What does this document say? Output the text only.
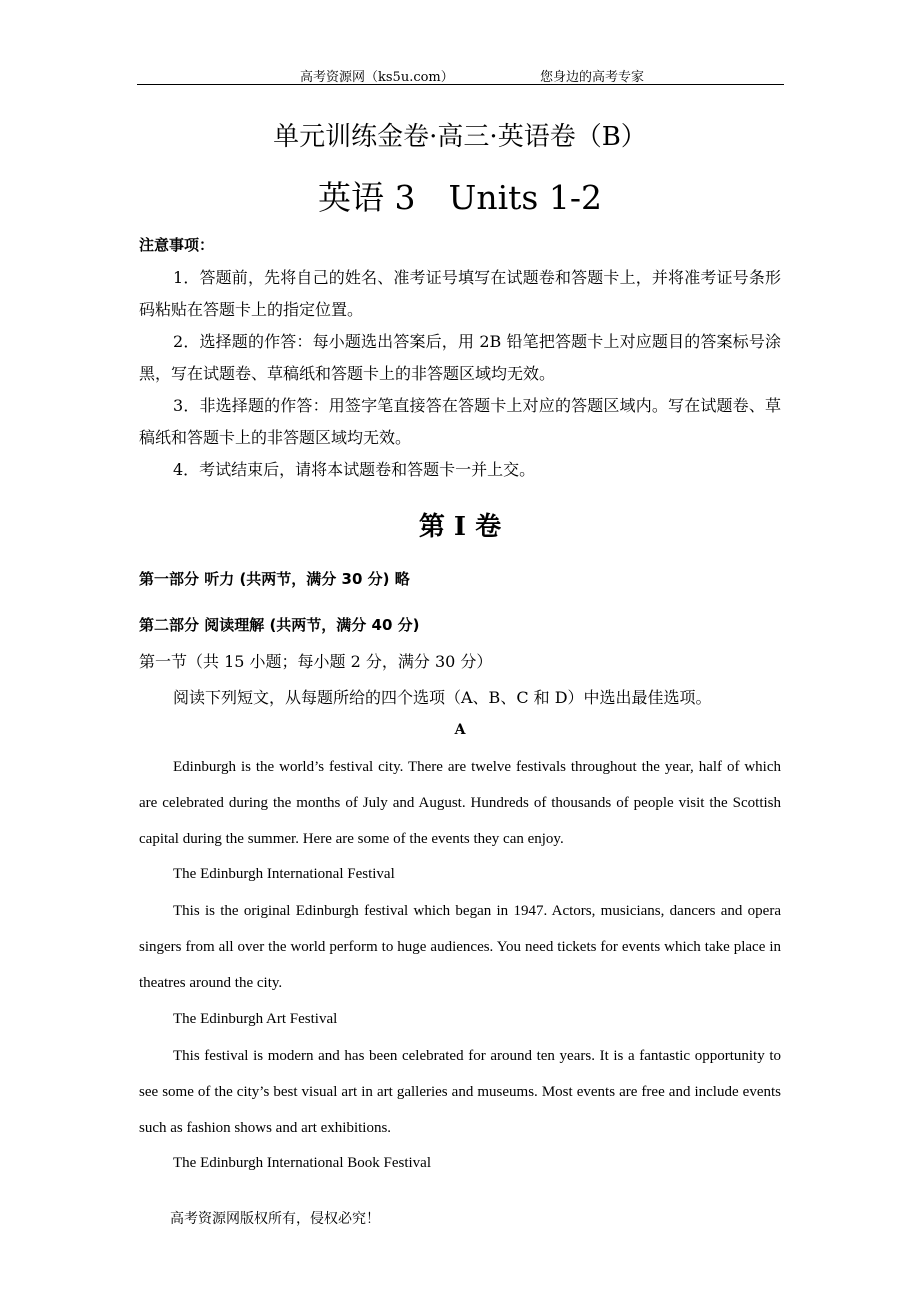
高考资源网（ks5u.com）	您身边的高考专家
单元训练金卷·高三·英语卷（B）
英语 3　Units 1-2
注意事项：

1．答题前，先将自己的姓名、准考证号填写在试题卷和答题卡上，并将准考证号条形码粘贴在答题卡上的指定位置。

2．选择题的作答：每小题选出答案后，用 2B 铅笔把答题卡上对应题目的答案标号涂黑，写在试题卷、草稿纸和答题卡上的非答题区域均无效。

3．非选择题的作答：用签字笔直接答在答题卡上对应的答题区域内。写在试题卷、草稿纸和答题卡上的非答题区域均无效。

4．考试结束后，请将本试题卷和答题卡一并上交。

第 I 卷
第一部分 听力 (共两节，满分 30 分) 略
第二部分 阅读理解 (共两节，满分 40 分)
第一节（共 15 小题；每小题 2 分，满分 30 分）
阅读下列短文，从每题所给的四个选项（A、B、C 和 D）中选出最佳选项。
A

Edinburgh is the world’s festival city. There are twelve festivals throughout the year, half of which are celebrated during the months of July and August. Hundreds of thousands of people visit the Scottish capital during the summer. Here are some of the events they can enjoy.

The Edinburgh International Festival

This is the original Edinburgh festival which began in 1947. Actors, musicians, dancers and opera singers from all over the world perform to huge audiences. You need tickets for events which take place in theatres around the city.

The Edinburgh Art Festival

This festival is modern and has been celebrated for around ten years. It is a fantastic opportunity to see some of the city’s best visual art in art galleries and museums. Most events are free and include events such as fashion shows and art exhibitions.

The Edinburgh International Book Festival
高考资源网版权所有，侵权必究！
